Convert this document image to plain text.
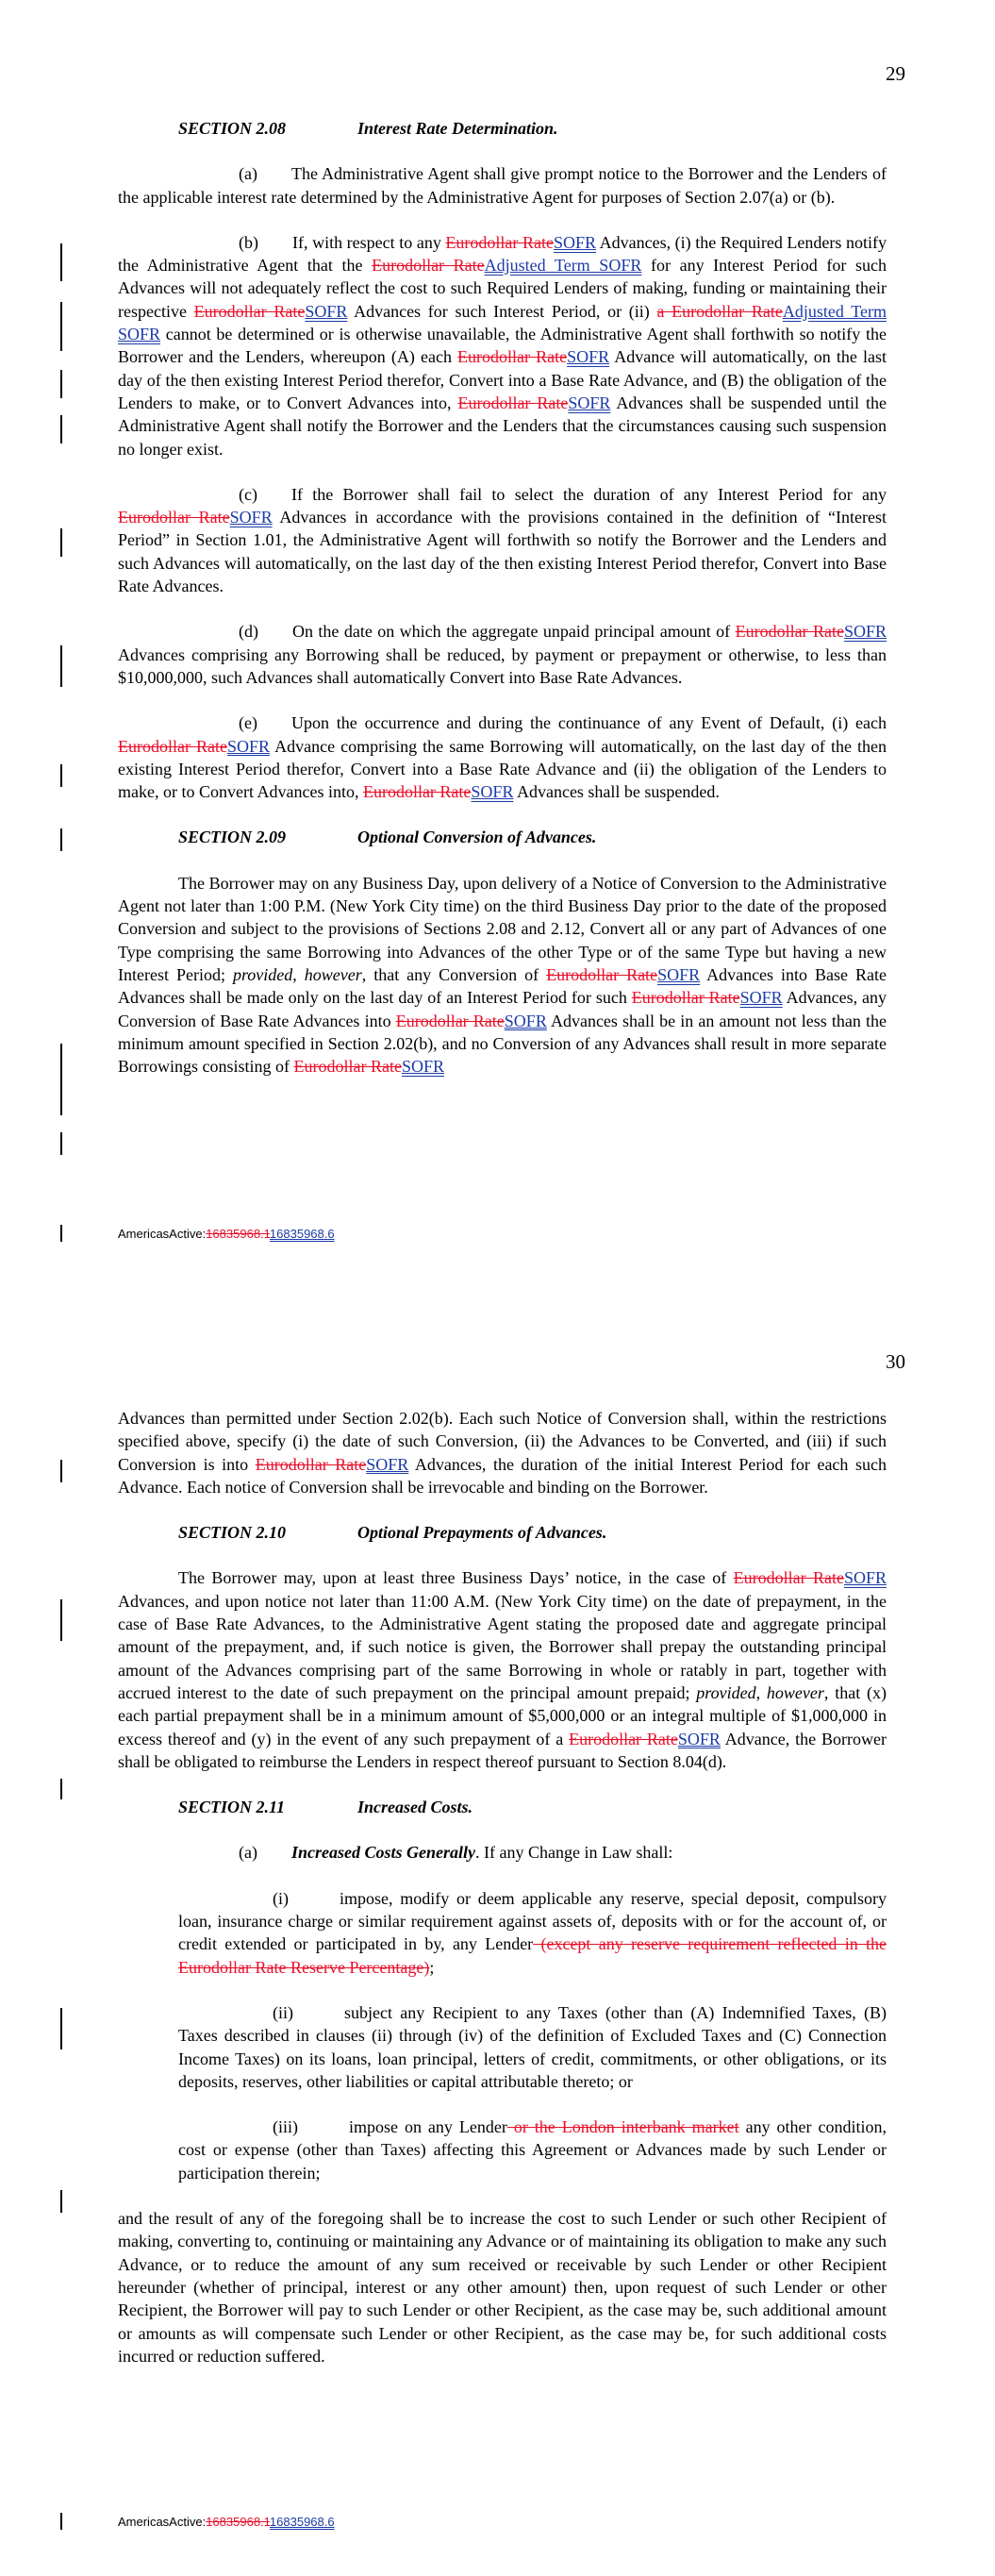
29

SECTION 2.08	Interest Rate Determination.

(a)  The Administrative Agent shall give prompt notice to the Borrower and the Lenders of the applicable interest rate determined by the Administrative Agent for purposes of Section 2.07(a) or (b).

(b)  If, with respect to any Eurodollar RateSOFR Advances, (i) the Required Lenders notify the Administrative Agent that the Eurodollar RateAdjusted Term SOFR for any Interest Period for such Advances will not adequately reflect the cost to such Required Lenders of making, funding or maintaining their respective Eurodollar RateSOFR Advances for such Interest Period, or (ii) a Eurodollar RateAdjusted Term SOFR cannot be determined or is otherwise unavailable, the Administrative Agent shall forthwith so notify the Borrower and the Lenders, whereupon (A) each Eurodollar RateSOFR Advance will automatically, on the last day of the then existing Interest Period therefor, Convert into a Base Rate Advance, and (B) the obligation of the Lenders to make, or to Convert Advances into, Eurodollar RateSOFR Advances shall be suspended until the Administrative Agent shall notify the Borrower and the Lenders that the circumstances causing such suspension no longer exist.

(c)  If the Borrower shall fail to select the duration of any Interest Period for any Eurodollar RateSOFR Advances in accordance with the provisions contained in the definition of “Interest Period” in Section 1.01, the Administrative Agent will forthwith so notify the Borrower and the Lenders and such Advances will automatically, on the last day of the then existing Interest Period therefor, Convert into Base Rate Advances.

(d)  On the date on which the aggregate unpaid principal amount of Eurodollar RateSOFR Advances comprising any Borrowing shall be reduced, by payment or prepayment or otherwise, to less than $10,000,000, such Advances shall automatically Convert into Base Rate Advances.

(e)  Upon the occurrence and during the continuance of any Event of Default, (i) each Eurodollar RateSOFR Advance comprising the same Borrowing will automatically, on the last day of the then existing Interest Period therefor, Convert into a Base Rate Advance and (ii) the obligation of the Lenders to make, or to Convert Advances into, Eurodollar RateSOFR Advances shall be suspended.

SECTION 2.09	Optional Conversion of Advances.

The Borrower may on any Business Day, upon delivery of a Notice of Conversion to the Administrative Agent not later than 1:00 P.M. (New York City time) on the third Business Day prior to the date of the proposed Conversion and subject to the provisions of Sections 2.08 and 2.12, Convert all or any part of Advances of one Type comprising the same Borrowing into Advances of the other Type or of the same Type but having a new Interest Period; provided, however, that any Conversion of Eurodollar RateSOFR Advances into Base Rate Advances shall be made only on the last day of an Interest Period for such Eurodollar RateSOFR Advances, any Conversion of Base Rate Advances into Eurodollar RateSOFR Advances shall be in an amount not less than the minimum amount specified in Section 2.02(b), and no Conversion of any Advances shall result in more separate Borrowings consisting of Eurodollar RateSOFR

AmericasActive:16835968.116835968.6
30

Advances than permitted under Section 2.02(b). Each such Notice of Conversion shall, within the restrictions specified above, specify (i) the date of such Conversion, (ii) the Advances to be Converted, and (iii) if such Conversion is into Eurodollar RateSOFR Advances, the duration of the initial Interest Period for each such Advance. Each notice of Conversion shall be irrevocable and binding on the Borrower.

SECTION 2.10	Optional Prepayments of Advances.

The Borrower may, upon at least three Business Days’ notice, in the case of Eurodollar RateSOFR Advances, and upon notice not later than 11:00 A.M. (New York City time) on the date of prepayment, in the case of Base Rate Advances, to the Administrative Agent stating the proposed date and aggregate principal amount of the prepayment, and, if such notice is given, the Borrower shall prepay the outstanding principal amount of the Advances comprising part of the same Borrowing in whole or ratably in part, together with accrued interest to the date of such prepayment on the principal amount prepaid; provided, however, that (x) each partial prepayment shall be in a minimum amount of $5,000,000 or an integral multiple of $1,000,000 in excess thereof and (y) in the event of any such prepayment of a Eurodollar RateSOFR Advance, the Borrower shall be obligated to reimburse the Lenders in respect thereof pursuant to Section 8.04(d).

SECTION 2.11	Increased Costs.

(a)  Increased Costs Generally. If any Change in Law shall:

(i)   impose, modify or deem applicable any reserve, special deposit, compulsory loan, insurance charge or similar requirement against assets of, deposits with or for the account of, or credit extended or participated in by, any Lender (except any reserve requirement reflected in the Eurodollar Rate Reserve Percentage);

(ii)   subject any Recipient to any Taxes (other than (A) Indemnified Taxes, (B) Taxes described in clauses (ii) through (iv) of the definition of Excluded Taxes and (C) Connection Income Taxes) on its loans, loan principal, letters of credit, commitments, or other obligations, or its deposits, reserves, other liabilities or capital attributable thereto; or

(iii)   impose on any Lender or the London interbank market any other condition, cost or expense (other than Taxes) affecting this Agreement or Advances made by such Lender or participation therein;

and the result of any of the foregoing shall be to increase the cost to such Lender or such other Recipient of making, converting to, continuing or maintaining any Advance or of maintaining its obligation to make any such Advance, or to reduce the amount of any sum received or receivable by such Lender or other Recipient hereunder (whether of principal, interest or any other amount) then, upon request of such Lender or other Recipient, the Borrower will pay to such Lender or other Recipient, as the case may be, such additional amount or amounts as will compensate such Lender or other Recipient, as the case may be, for such additional costs incurred or reduction suffered.

AmericasActive:16835968.116835968.6
